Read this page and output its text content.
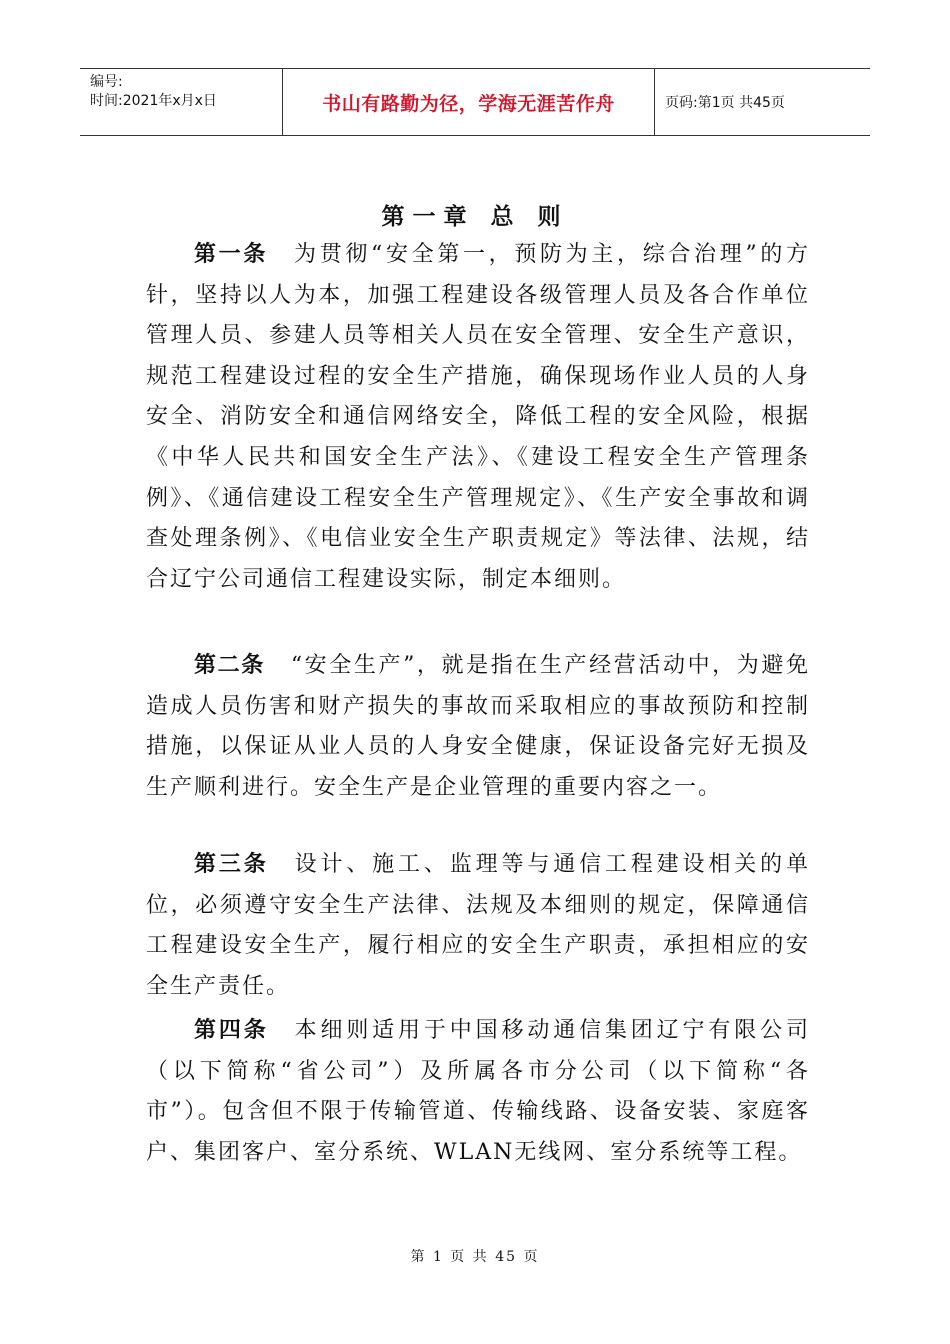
编号:
时间:2021年x月x日	书山有路勤为径，学海无涯苦作舟	页码:第1页 共45页
第一章 总 则

第一条 为贯彻“安全第一，预防为主，综合治理”的方针，坚持以人为本，加强工程建设各级管理人员及各合作单位管理人员、参建人员等相关人员在安全管理、安全生产意识，规范工程建设过程的安全生产措施，确保现场作业人员的人身安全、消防安全和通信网络安全，降低工程的安全风险，根据《中华人民共和国安全生产法》、《建设工程安全生产管理条例》、《通信建设工程安全生产管理规定》、《生产安全事故和调查处理条例》、《电信业安全生产职责规定》等法律、法规，结合辽宁公司通信工程建设实际，制定本细则。

第二条 “安全生产”，就是指在生产经营活动中，为避免造成人员伤害和财产损失的事故而采取相应的事故预防和控制措施，以保证从业人员的人身安全健康，保证设备完好无损及生产顺利进行。安全生产是企业管理的重要内容之一。

第三条 设计、施工、监理等与通信工程建设相关的单位，必须遵守安全生产法律、法规及本细则的规定，保障通信工程建设安全生产，履行相应的安全生产职责，承担相应的安全生产责任。

第四条 本细则适用于中国移动通信集团辽宁有限公司（以下简称“省公司”）及所属各市分公司（以下简称“各市”）。包含但不限于传输管道、传输线路、设备安装、家庭客户、集团客户、室分系统、WLAN无线网、室分系统等工程。

第 1 页 共 45 页
